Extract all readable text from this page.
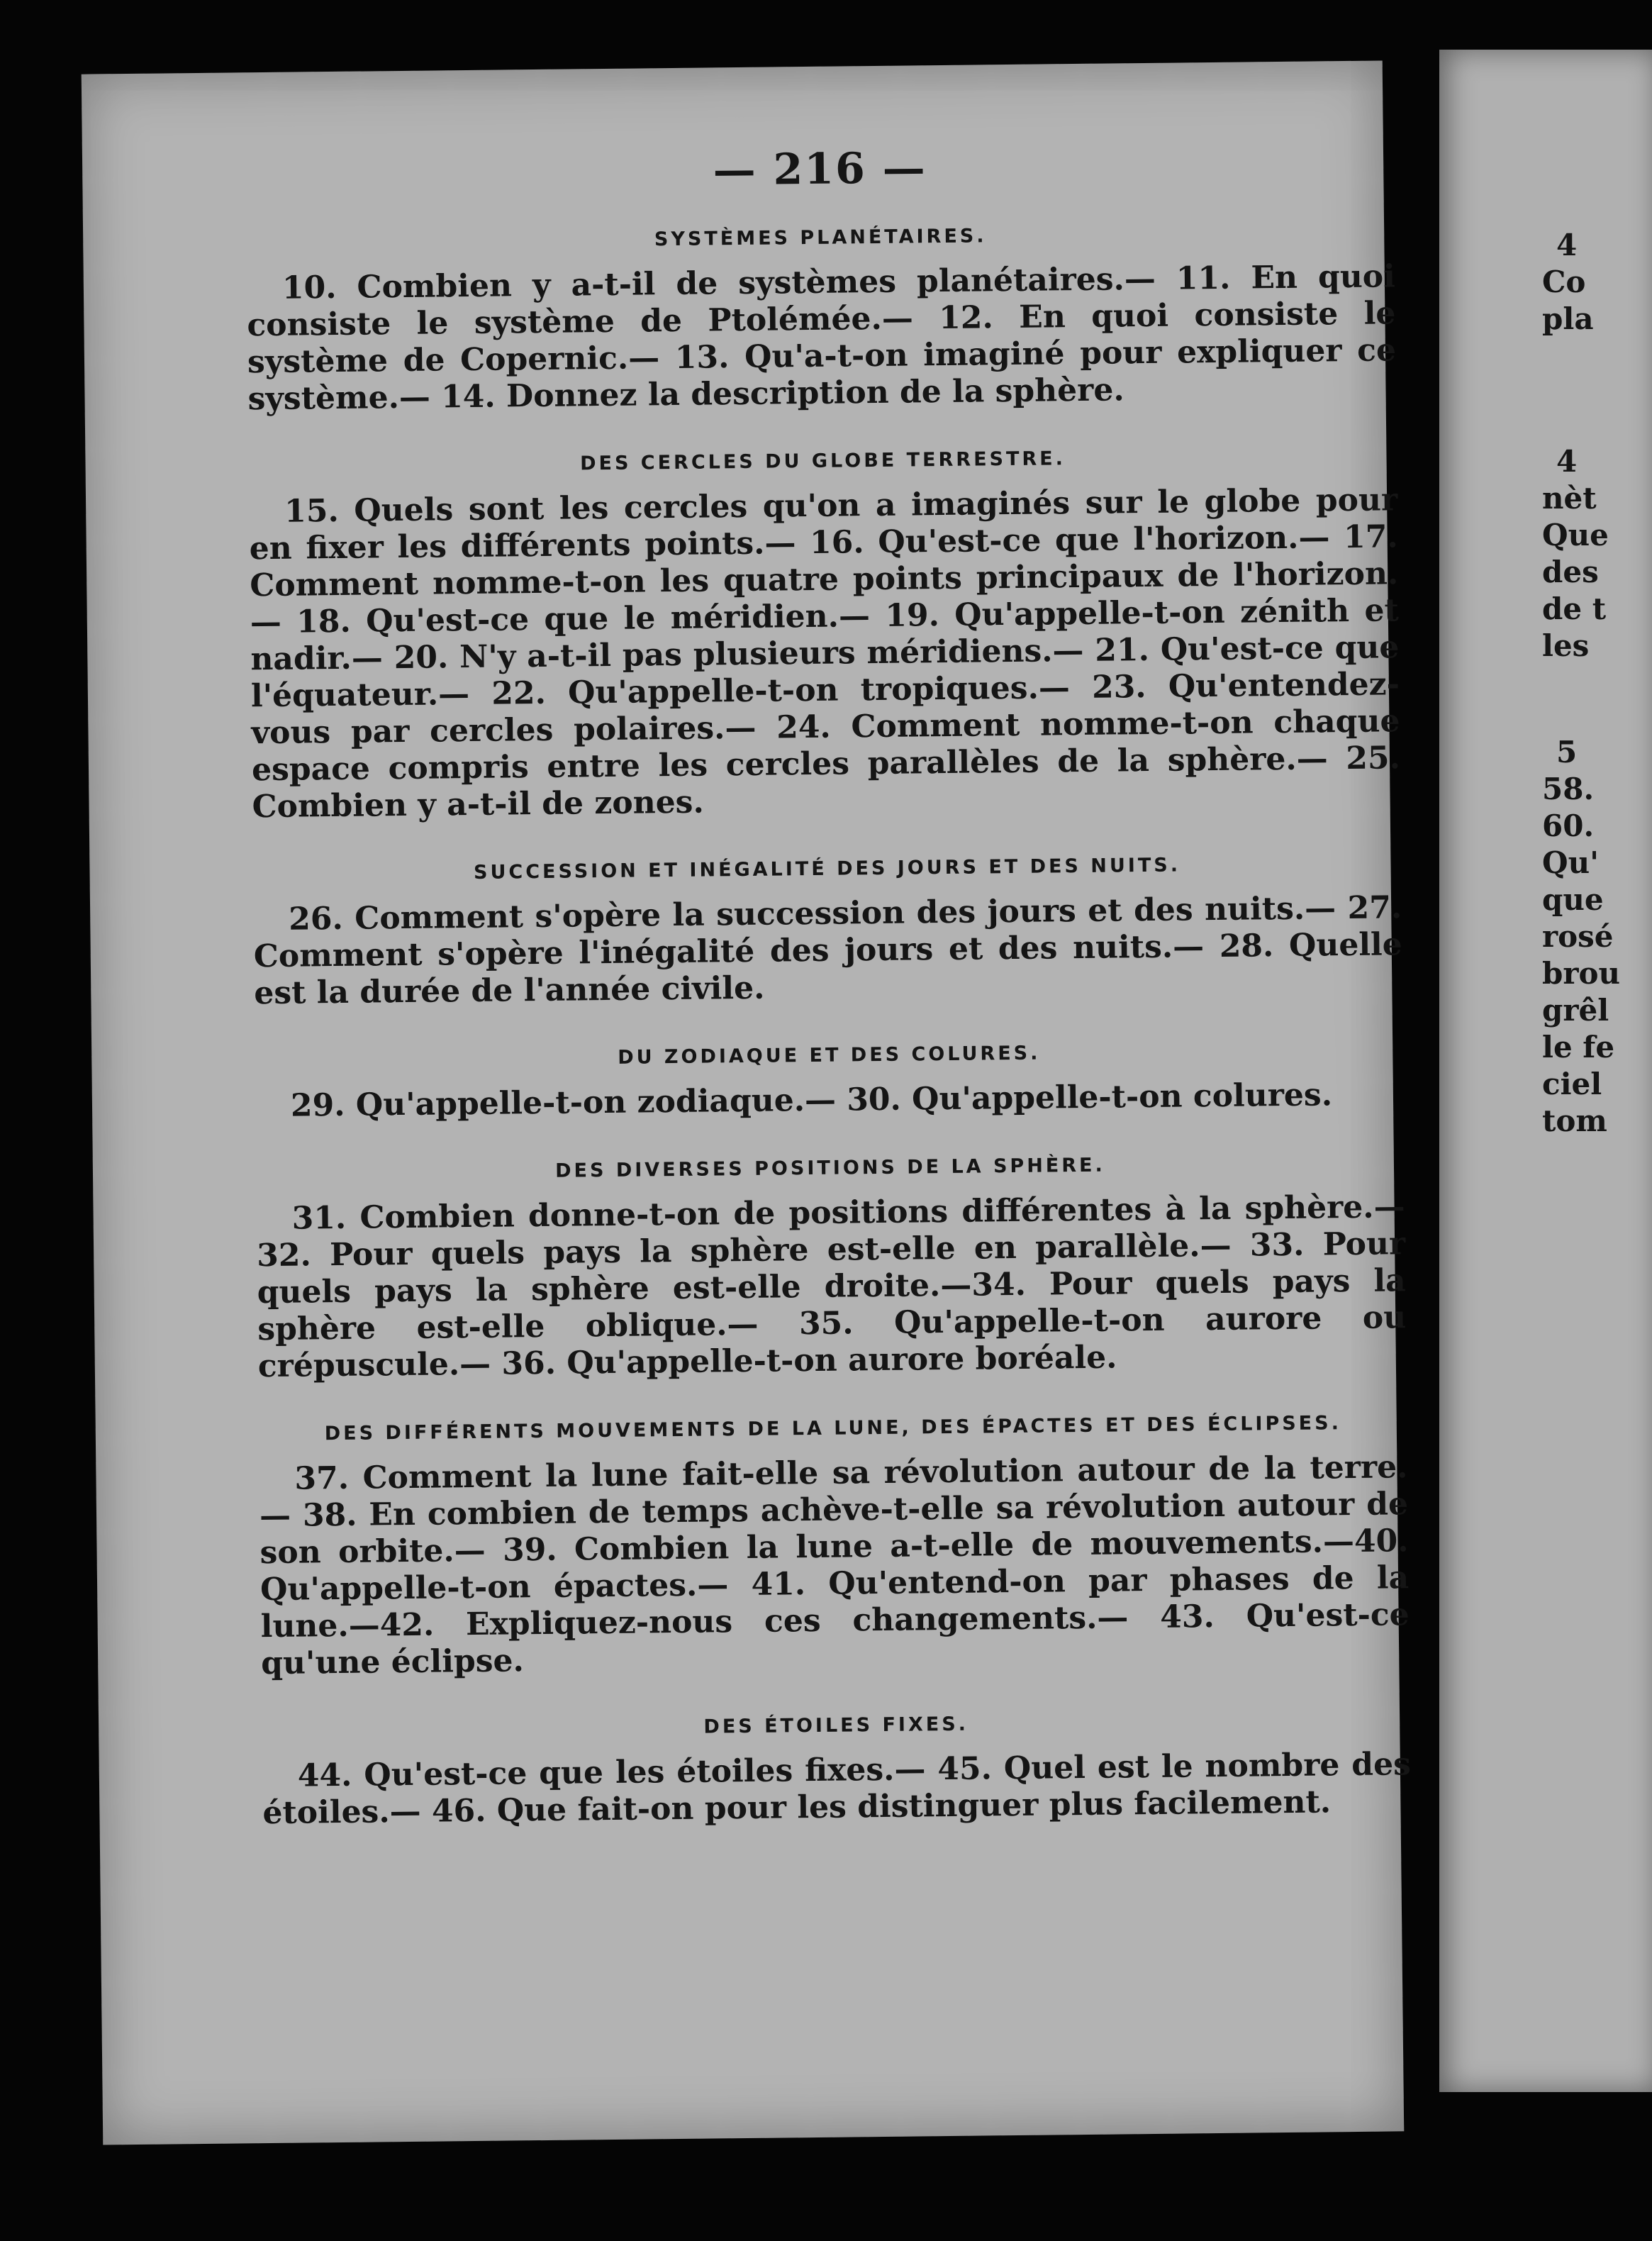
— 216 —
SYSTÈMES PLANÉTAIRES.
10. Combien y a-t-il de systèmes planétaires.— 11. En quoi consiste le système de Ptolémée.— 12. En quoi consiste le système de Copernic.— 13. Qu'a-t-on imaginé pour expliquer ce système.— 14. Donnez la description de la sphère.
DES CERCLES DU GLOBE TERRESTRE.
15. Quels sont les cercles qu'on a imaginés sur le globe pour en fixer les différents points.— 16. Qu'est-ce que l'horizon.— 17. Comment nomme-t-on les quatre points principaux de l'horizon.— 18. Qu'est-ce que le méridien.— 19. Qu'appelle-t-on zénith et nadir.— 20. N'y a-t-il pas plusieurs méridiens.— 21. Qu'est-ce que l'équateur.— 22. Qu'appelle-t-on tropiques.— 23. Qu'entendez-vous par cercles polaires.— 24. Comment nomme-t-on chaque espace compris entre les cercles parallèles de la sphère.— 25. Combien y a-t-il de zones.
SUCCESSION ET INÉGALITÉ DES JOURS ET DES NUITS.
26. Comment s'opère la succession des jours et des nuits.— 27. Comment s'opère l'inégalité des jours et des nuits.— 28. Quelle est la durée de l'année civile.
DU ZODIAQUE ET DES COLURES.
29. Qu'appelle-t-on zodiaque.— 30. Qu'appelle-t-on colures.
DES DIVERSES POSITIONS DE LA SPHÈRE.
31. Combien donne-t-on de positions différentes à la sphère.— 32. Pour quels pays la sphère est-elle en parallèle.— 33. Pour quels pays la sphère est-elle droite.—34. Pour quels pays la sphère est-elle oblique.— 35. Qu'appelle-t-on aurore ou crépuscule.— 36. Qu'appelle-t-on aurore boréale.
DES DIFFÉRENTS MOUVEMENTS DE LA LUNE, DES ÉPACTES ET DES ÉCLIPSES.
37. Comment la lune fait-elle sa révolution autour de la terre.— 38. En combien de temps achève-t-elle sa révolution autour de son orbite.— 39. Combien la lune a-t-elle de mouvements.—40. Qu'appelle-t-on épactes.— 41. Qu'entend-on par phases de la lune.—42. Expliquez-nous ces changements.— 43. Qu'est-ce qu'une éclipse.
DES ÉTOILES FIXES.
44. Qu'est-ce que les étoiles fixes.— 45. Quel est le nombre des étoiles.— 46. Que fait-on pour les distinguer plus facilement.
4
Co
pla
4
nèt
Que
des
de t
les
5
58.
60.
Qu'
que
rosé
brou
grêl
le fe
ciel
tom
